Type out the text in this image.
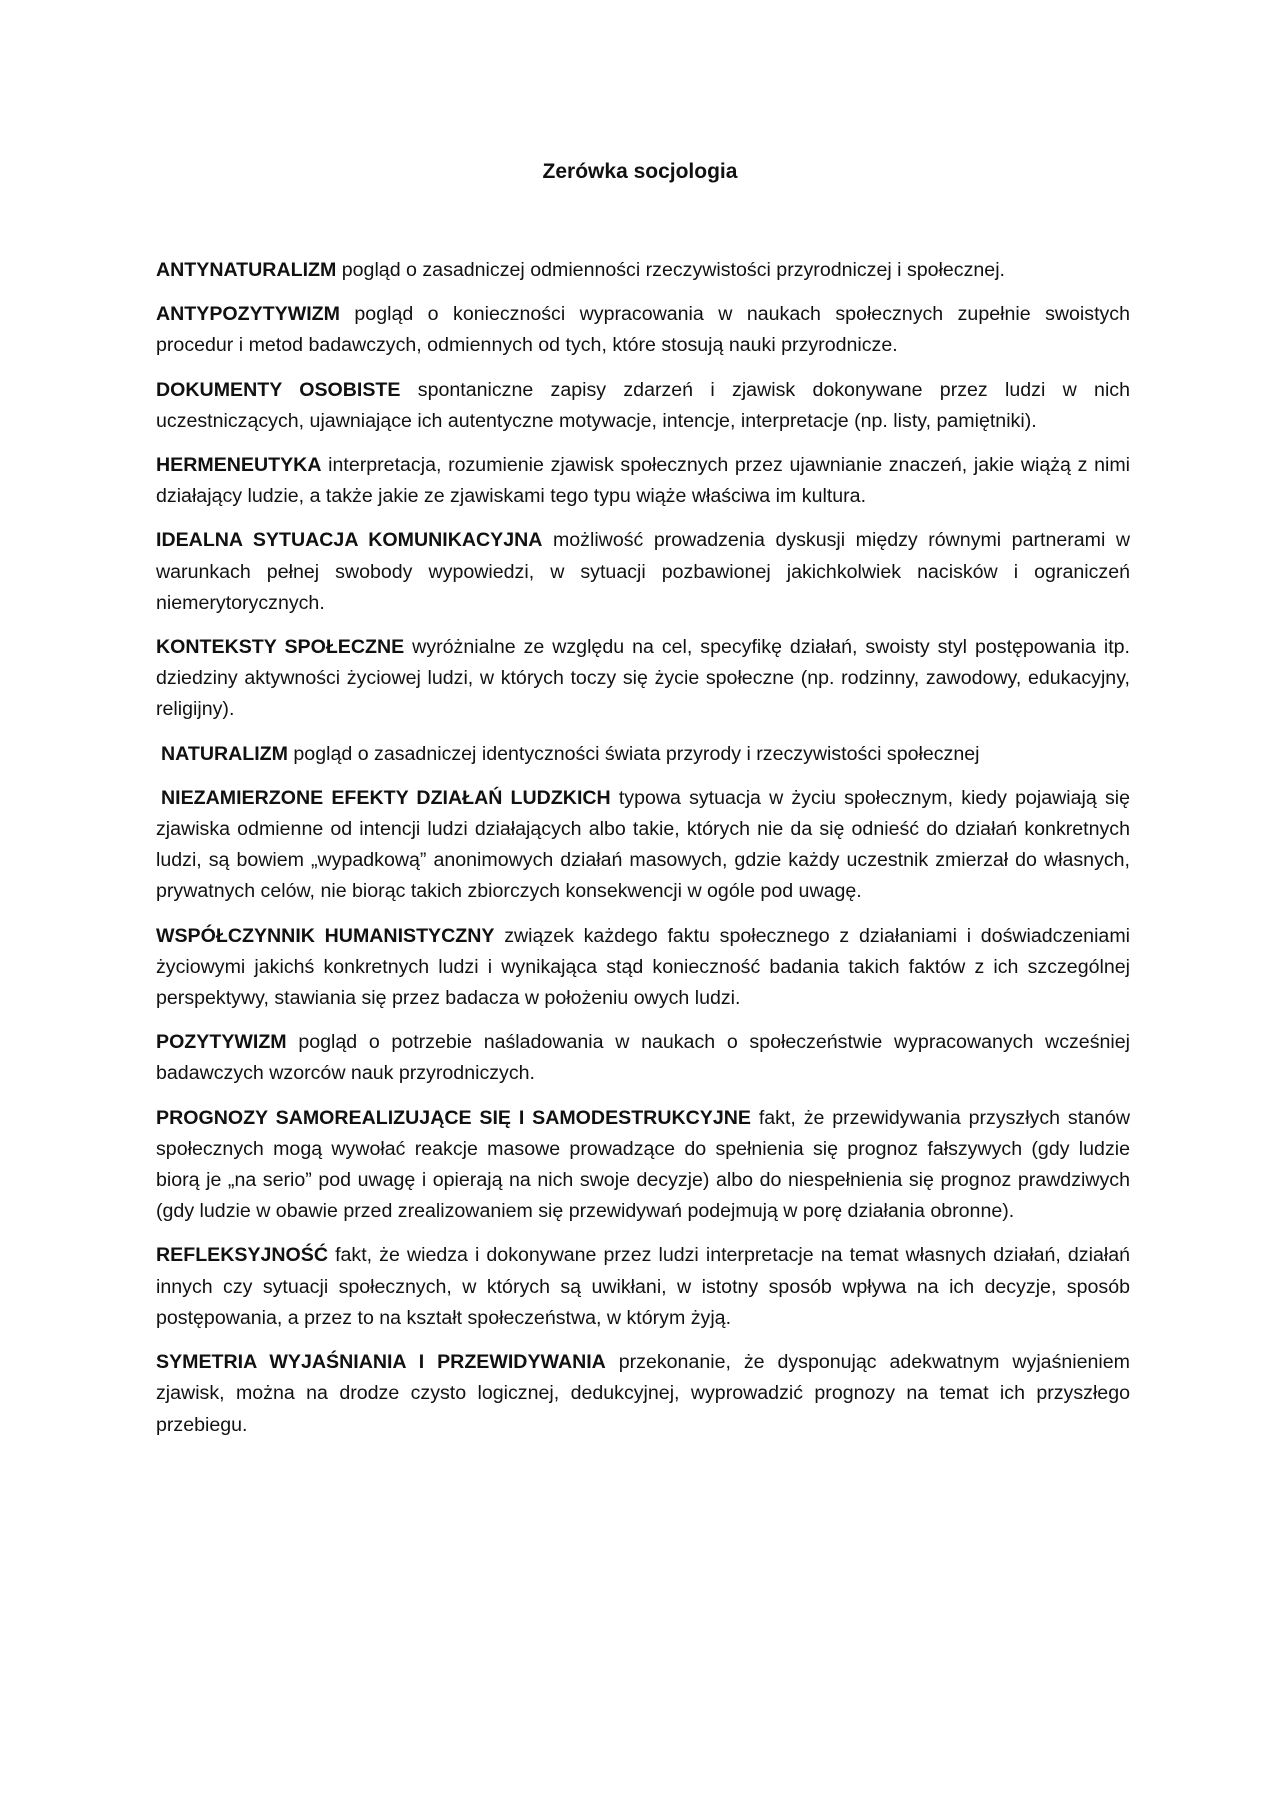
Zerówka socjologia

ANTYNATURALIZM pogląd o zasadniczej odmienności rzeczywistości przyrodniczej i społecznej.

ANTYPOZYTYWIZM pogląd o konieczności wypracowania w naukach społecznych zupełnie swoistych procedur i metod badawczych, odmiennych od tych, które stosują nauki przyrodnicze.

DOKUMENTY OSOBISTE spontaniczne zapisy zdarzeń i zjawisk dokonywane przez ludzi w nich uczestniczących, ujawniające ich autentyczne motywacje, intencje, interpretacje (np. listy, pamiętniki).

HERMENEUTYKA interpretacja, rozumienie zjawisk społecznych przez ujawnianie znaczeń, jakie wiążą z nimi działający ludzie, a także jakie ze zjawiskami tego typu wiąże właściwa im kultura.

IDEALNA SYTUACJA KOMUNIKACYJNA możliwość prowadzenia dyskusji między równymi partnerami w warunkach pełnej swobody wypowiedzi, w sytuacji pozbawionej jakichkolwiek nacisków i ograniczeń niemerytorycznych.

KONTEKSTY SPOŁECZNE wyróżnialne ze względu na cel, specyfikę działań, swoisty styl postępowania itp. dziedziny aktywności życiowej ludzi, w których toczy się życie społeczne (np. rodzinny, zawodowy, edukacyjny, religijny).

NATURALIZM pogląd o zasadniczej identyczności świata przyrody i rzeczywistości społecznej

NIEZAMIERZONE EFEKTY DZIAŁAŃ LUDZKICH typowa sytuacja w życiu społecznym, kiedy pojawiają się zjawiska odmienne od intencji ludzi działających albo takie, których nie da się odnieść do działań konkretnych ludzi, są bowiem „wypadkową” anonimowych działań masowych, gdzie każdy uczestnik zmierzał do własnych, prywatnych celów, nie biorąc takich zbiorczych konsekwencji w ogóle pod uwagę.

WSPÓŁCZYNNIK HUMANISTYCZNY związek każdego faktu społecznego z działaniami i doświadczeniami życiowymi jakichś konkretnych ludzi i wynikająca stąd konieczność badania takich faktów z ich szczególnej perspektywy, stawiania się przez badacza w położeniu owych ludzi.

POZYTYWIZM pogląd o potrzebie naśladowania w naukach o społeczeństwie wypracowanych wcześniej badawczych wzorców nauk przyrodniczych.

PROGNOZY SAMOREALIZUJĄCE SIĘ I SAMODESTRUKCYJNE fakt, że przewidywania przyszłych stanów społecznych mogą wywołać reakcje masowe prowadzące do spełnienia się prognoz fałszywych (gdy ludzie biorą je „na serio” pod uwagę i opierają na nich swoje decyzje) albo do niespełnienia się prognoz prawdziwych (gdy ludzie w obawie przed zrealizowaniem się przewidywań podejmują w porę działania obronne).

REFLEKSYJNOŚĆ fakt, że wiedza i dokonywane przez ludzi interpretacje na temat własnych działań, działań innych czy sytuacji społecznych, w których są uwikłani, w istotny sposób wpływa na ich decyzje, sposób postępowania, a przez to na kształt społeczeństwa, w którym żyją.

SYMETRIA WYJAŚNIANIA I PRZEWIDYWANIA przekonanie, że dysponując adekwatnym wyjaśnieniem zjawisk, można na drodze czysto logicznej, dedukcyjnej, wyprowadzić prognozy na temat ich przyszłego przebiegu.
